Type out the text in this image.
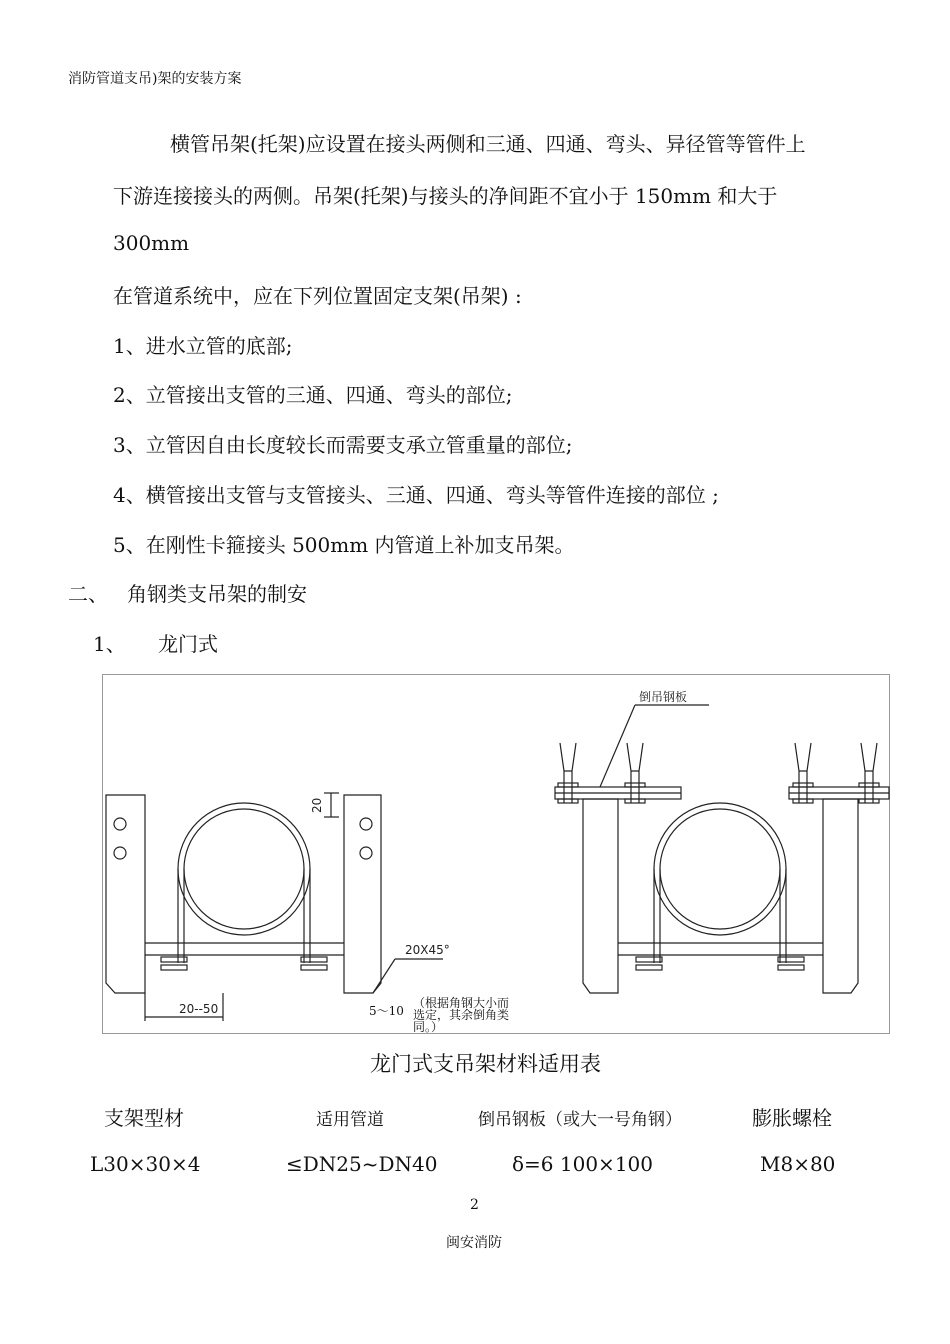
消防管道支吊)架的安装方案
横管吊架(托架)应设置在接头两侧和三通、四通、弯头、异径管等管件上
下游连接接头的两侧。吊架(托架)与接头的净间距不宜小于 150mm 和大于
300mm
在管道系统中，应在下列位置固定支架(吊架) :
1、进水立管的底部;
2、立管接出支管的三通、四通、弯头的部位;
3、立管因自由长度较长而需要支承立管重量的部位;
4、横管接出支管与支管接头、三通、四通、弯头等管件连接的部位 ;
5、在刚性卡箍接头 500mm 内管道上补加支吊架。
二、 角钢类支吊架的制安
1、 龙门式
倒吊钢板
20
20X45°
20--50	5～10
（根据角钢大小而
选定，其余倒角类
同。）
龙门式支吊架材料适用表
支架型材	适用管道	倒吊钢板（或大一号角钢）	膨胀螺栓
L30×30×4	≤DN25~DN40	δ=6 100×100	M8×80
2
闽安消防
